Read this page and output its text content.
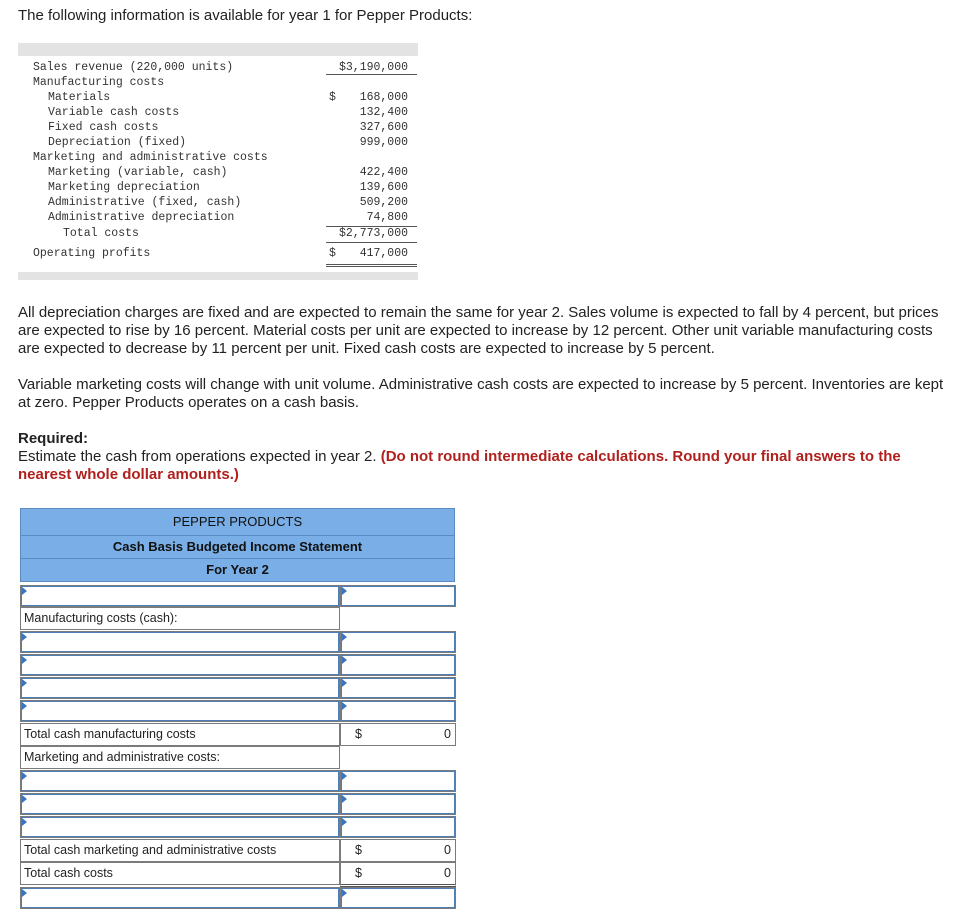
The following information is available for year 1 for Pepper Products:
Sales revenue (220,000 units)	$3,190,000
Manufacturing costs
Materials	$ 168,000
Variable cash costs	132,400
Fixed cash costs	327,600
Depreciation (fixed)	999,000
Marketing and administrative costs
Marketing (variable, cash)	422,400
Marketing depreciation	139,600
Administrative (fixed, cash)	509,200
Administrative depreciation	74,800
Total costs	$2,773,000
Operating profits	$ 417,000
All depreciation charges are fixed and are expected to remain the same for year 2. Sales volume is expected to fall by 4 percent, but prices are expected to rise by 16 percent. Material costs per unit are expected to increase by 12 percent. Other unit variable manufacturing costs are expected to decrease by 11 percent per unit. Fixed cash costs are expected to increase by 5 percent.
Variable marketing costs will change with unit volume. Administrative cash costs are expected to increase by 5 percent. Inventories are kept at zero. Pepper Products operates on a cash basis.
Required:
Estimate the cash from operations expected in year 2. (Do not round intermediate calculations. Round your final answers to the nearest whole dollar amounts.)
PEPPER PRODUCTS
Cash Basis Budgeted Income Statement
For Year 2
Manufacturing costs (cash):
Total cash manufacturing costs	$	0
Marketing and administrative costs:
Total cash marketing and administrative costs	$	0
Total cash costs	$	0
